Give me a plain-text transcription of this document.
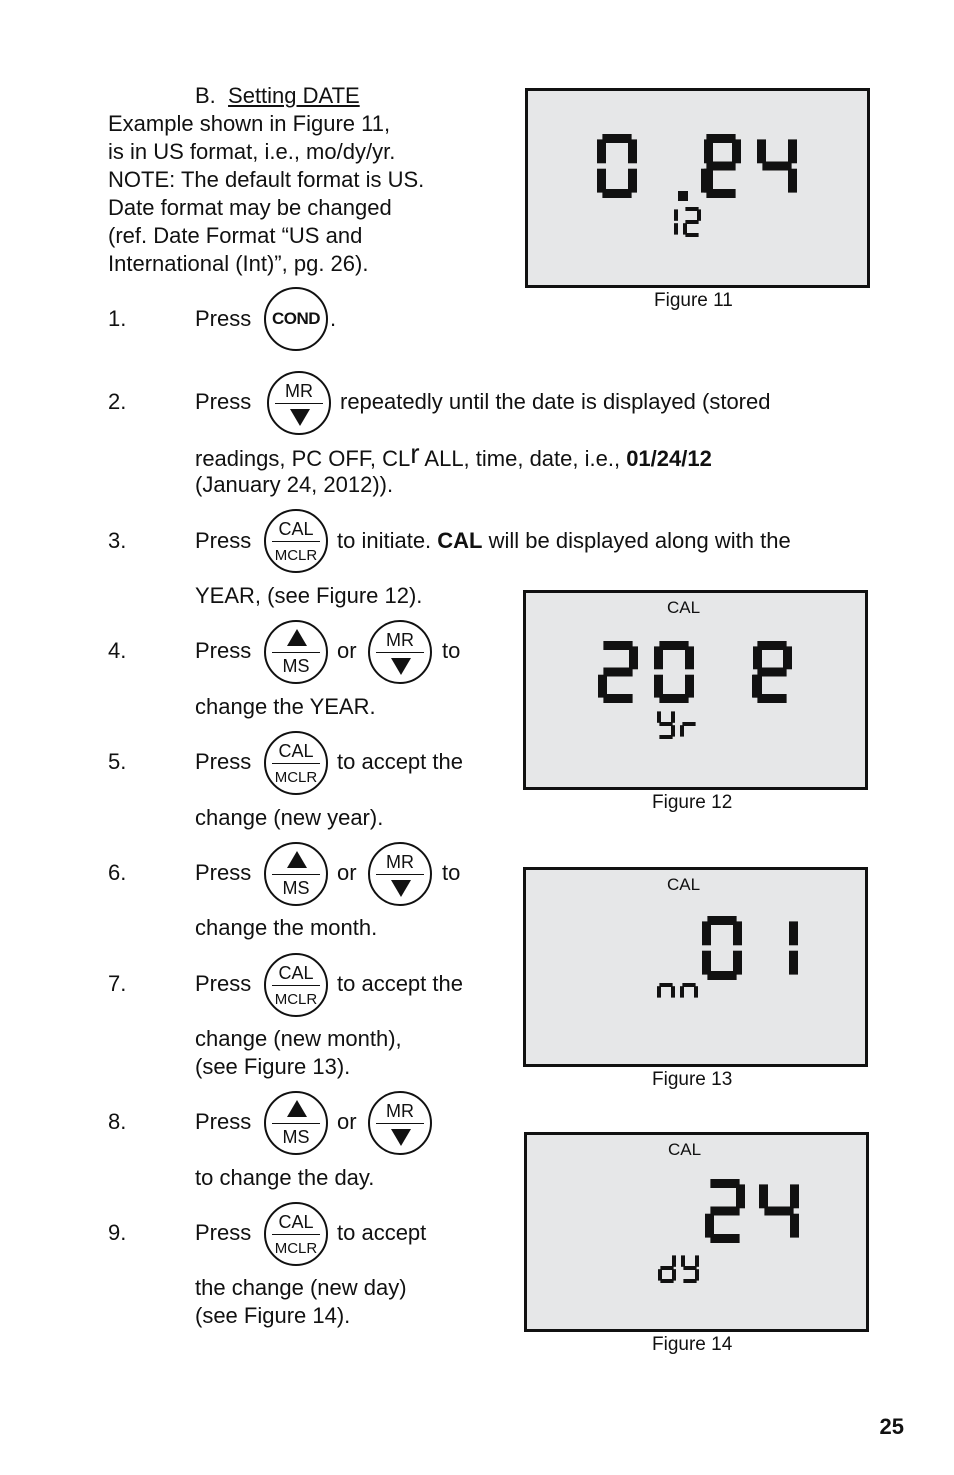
B. Setting DATE
Example shown in Figure 11,
is in US format, i.e., mo/dy/yr.
NOTE: The default format is US.
Date format may be changed
(ref. Date Format “US and
International (Int)”, pg. 26).
1.	Press	COND .
2.	Press	MR	repeatedly until the date is displayed (stored
readings, PC OFF, CLr ALL, time, date, i.e., 01/24/12
(January 24, 2012)).
3.	Press	CAL
MCLR
to initiate. CAL will be displayed along with the
YEAR, (see Figure 12).
4.	Press
MS
or	MR	to
change the YEAR.
5.	Press	CAL
MCLR
to accept the
change (new year).
6.	Press
MS
or	MR	to
change the month.
7.	Press	CAL
MCLR
to accept the
change (new month),
(see Figure 13).
8.	Press
MS
or	MR
to change the day.
9.	Press	CAL
MCLR
to accept
the change (new day)
(see Figure 14).
Figure 11
CAL
Figure 12
CAL
Figure 13
CAL
Figure 14
25
